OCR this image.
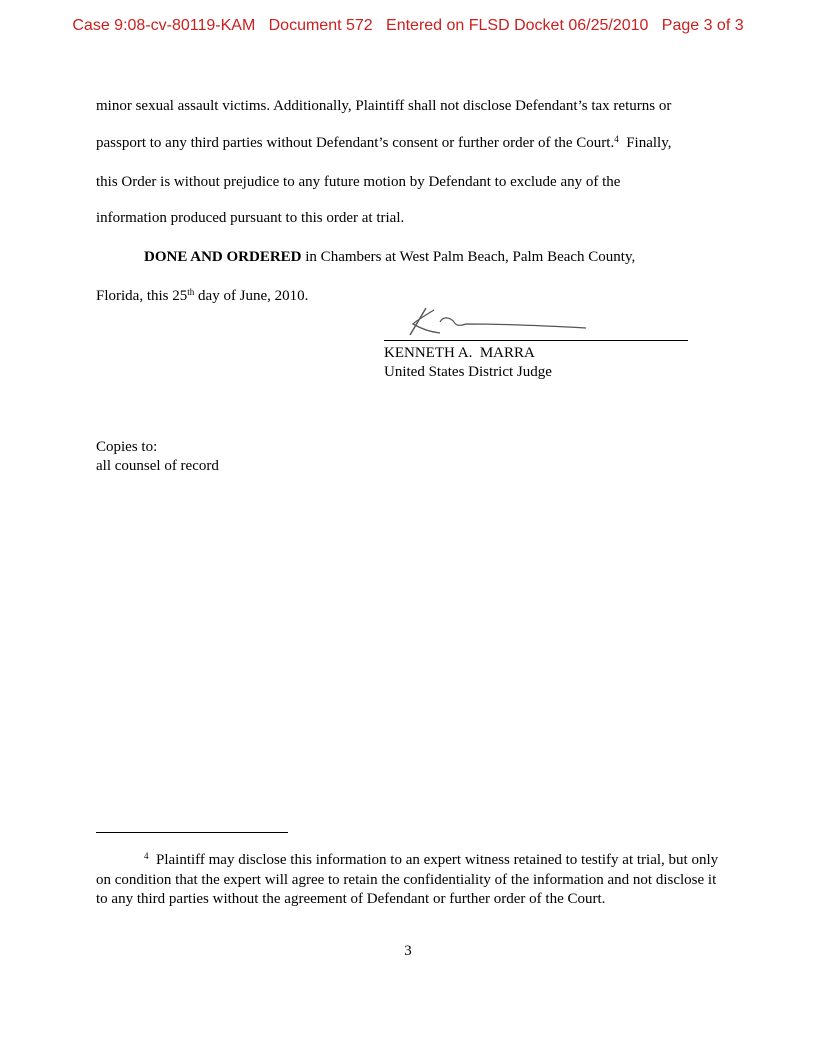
Case 9:08-cv-80119-KAM Document 572 Entered on FLSD Docket 06/25/2010 Page 3 of 3
minor sexual assault victims. Additionally, Plaintiff shall not disclose Defendant’s tax returns or
passport to any third parties without Defendant’s consent or further order of the Court.$^4$  Finally,
this Order is without prejudice to any future motion by Defendant to exclude any of the
information produced pursuant to this order at trial.
DONE AND ORDERED in Chambers at West Palm Beach, Palm Beach County,
Florida, this 25th day of June, 2010.
KENNETH A.  MARRA
United States District Judge
Copies to:
all counsel of record
$^4$  Plaintiff may disclose this information to an expert witness retained to testify at trial, but only on condition that the expert will agree to retain the confidentiality of the information and not disclose it to any third parties without the agreement of Defendant or further order of the Court.
3
